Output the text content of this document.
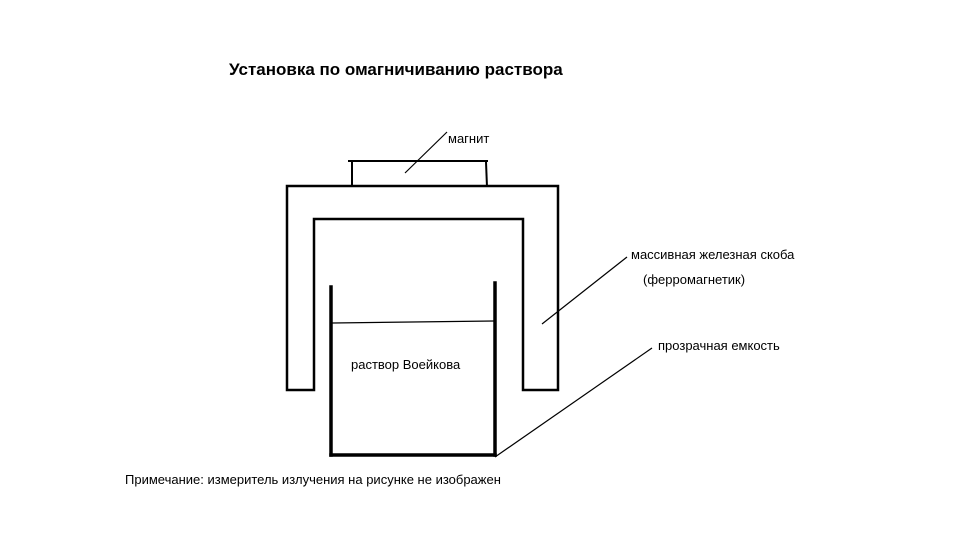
Установка по омагничиванию раствора
магнит
массивная железная скоба
(ферромагнетик)
прозрачная емкость
раствор Воейкова
Примечание: измеритель излучения на рисунке не изображен
